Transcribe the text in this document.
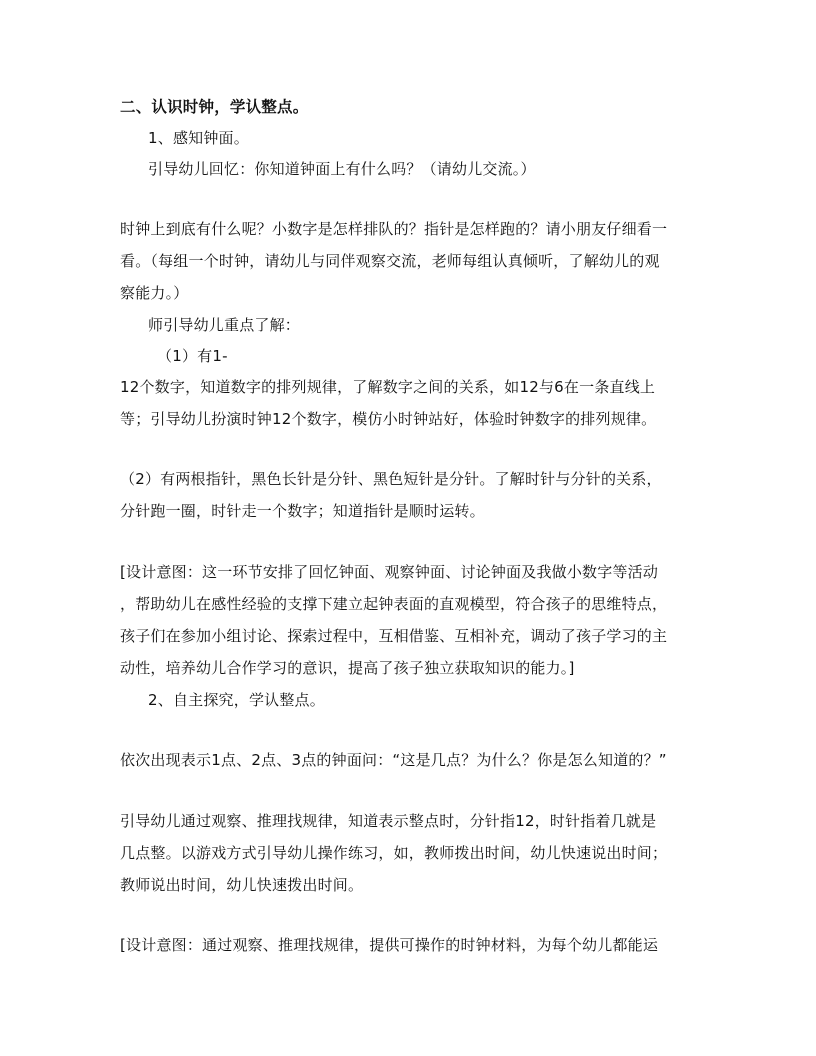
二、认识时钟，学认整点。
1、感知钟面。
引导幼儿回忆：你知道钟面上有什么吗？（请幼儿交流。）
时钟上到底有什么呢？小数字是怎样排队的？指针是怎样跑的？请小朋友仔细看一
看。（每组一个时钟，请幼儿与同伴观察交流，老师每组认真倾听，了解幼儿的观
察能力。）
师引导幼儿重点了解：
（1）有1-
12个数字，知道数字的排列规律，了解数字之间的关系，如12与6在一条直线上
等；引导幼儿扮演时钟12个数字，模仿小时钟站好，体验时钟数字的排列规律。
（2）有两根指针，黑色长针是分针、黑色短针是分针。了解时针与分针的关系，
分针跑一圈，时针走一个数字；知道指针是顺时运转。
[设计意图：这一环节安排了回忆钟面、观察钟面、讨论钟面及我做小数字等活动
，帮助幼儿在感性经验的支撑下建立起钟表面的直观模型，符合孩子的思维特点，
孩子们在参加小组讨论、探索过程中，互相借鉴、互相补充，调动了孩子学习的主
动性，培养幼儿合作学习的意识，提高了孩子独立获取知识的能力。]
2、自主探究，学认整点。
依次出现表示1点、2点、3点的钟面问：“这是几点？为什么？你是怎么知道的？”
引导幼儿通过观察、推理找规律，知道表示整点时，分针指12，时针指着几就是
几点整。以游戏方式引导幼儿操作练习，如，教师拨出时间，幼儿快速说出时间；
教师说出时间，幼儿快速拨出时间。
[设计意图：通过观察、推理找规律，提供可操作的时钟材料，为每个幼儿都能运
